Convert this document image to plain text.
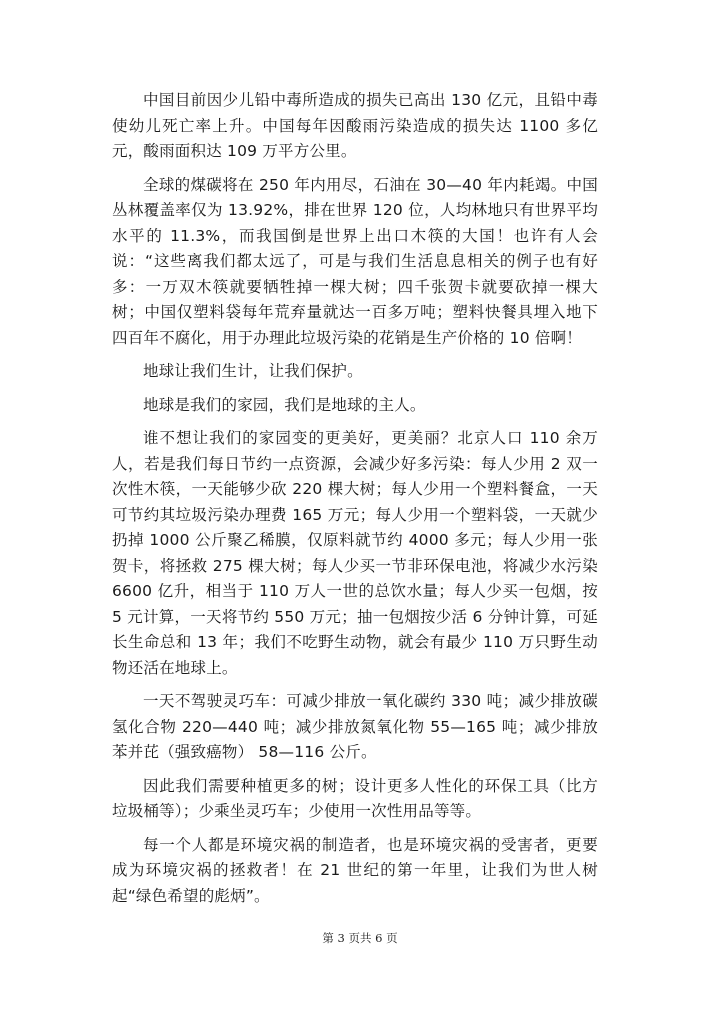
中国目前因少儿铅中毒所造成的损失已高出 130 亿元，且铅中毒使幼儿死亡率上升。中国每年因酸雨污染造成的损失达 1100 多亿元，酸雨面积达 109 万平方公里。

全球的煤碳将在 250 年内用尽，石油在 30—40 年内耗竭。中国丛林覆盖率仅为 13.92%，排在世界 120 位，人均林地只有世界平均水平的 11.3%，而我国倒是世界上出口木筷的大国！也许有人会说：“这些离我们都太远了，可是与我们生活息息相关的例子也有好多：一万双木筷就要牺牲掉一棵大树；四千张贺卡就要砍掉一棵大树；中国仅塑料袋每年荒弃量就达一百多万吨；塑料快餐具埋入地下四百年不腐化，用于办理此垃圾污染的花销是生产价格的 10 倍啊！

地球让我们生计，让我们保护。

地球是我们的家园，我们是地球的主人。

谁不想让我们的家园变的更美好，更美丽？北京人口 110 余万人，若是我们每日节约一点资源，会减少好多污染：每人少用 2 双一次性木筷，一天能够少砍 220 棵大树；每人少用一个塑料餐盒，一天可节约其垃圾污染办理费 165 万元；每人少用一个塑料袋，一天就少扔掉 1000 公斤聚乙稀膜，仅原料就节约 4000 多元；每人少用一张贺卡，将拯救 275 棵大树；每人少买一节非环保电池，将减少水污染 6600 亿升，相当于 110 万人一世的总饮水量；每人少买一包烟，按 5 元计算，一天将节约 550 万元；抽一包烟按少活 6 分钟计算，可延长生命总和 13 年；我们不吃野生动物，就会有最少 110 万只野生动物还活在地球上。

一天不驾驶灵巧车：可减少排放一氧化碳约 330 吨；减少排放碳氢化合物 220—440 吨；减少排放氮氧化物 55—165 吨；减少排放苯并芘（强致癌物） 58—116 公斤。

因此我们需要种植更多的树；设计更多人性化的环保工具（比方垃圾桶等）；少乘坐灵巧车；少使用一次性用品等等。

每一个人都是环境灾祸的制造者，也是环境灾祸的受害者，更要成为环境灾祸的拯救者！在 21 世纪的第一年里，让我们为世人树起“绿色希望的彪炳”。

第 3 页共 6 页
